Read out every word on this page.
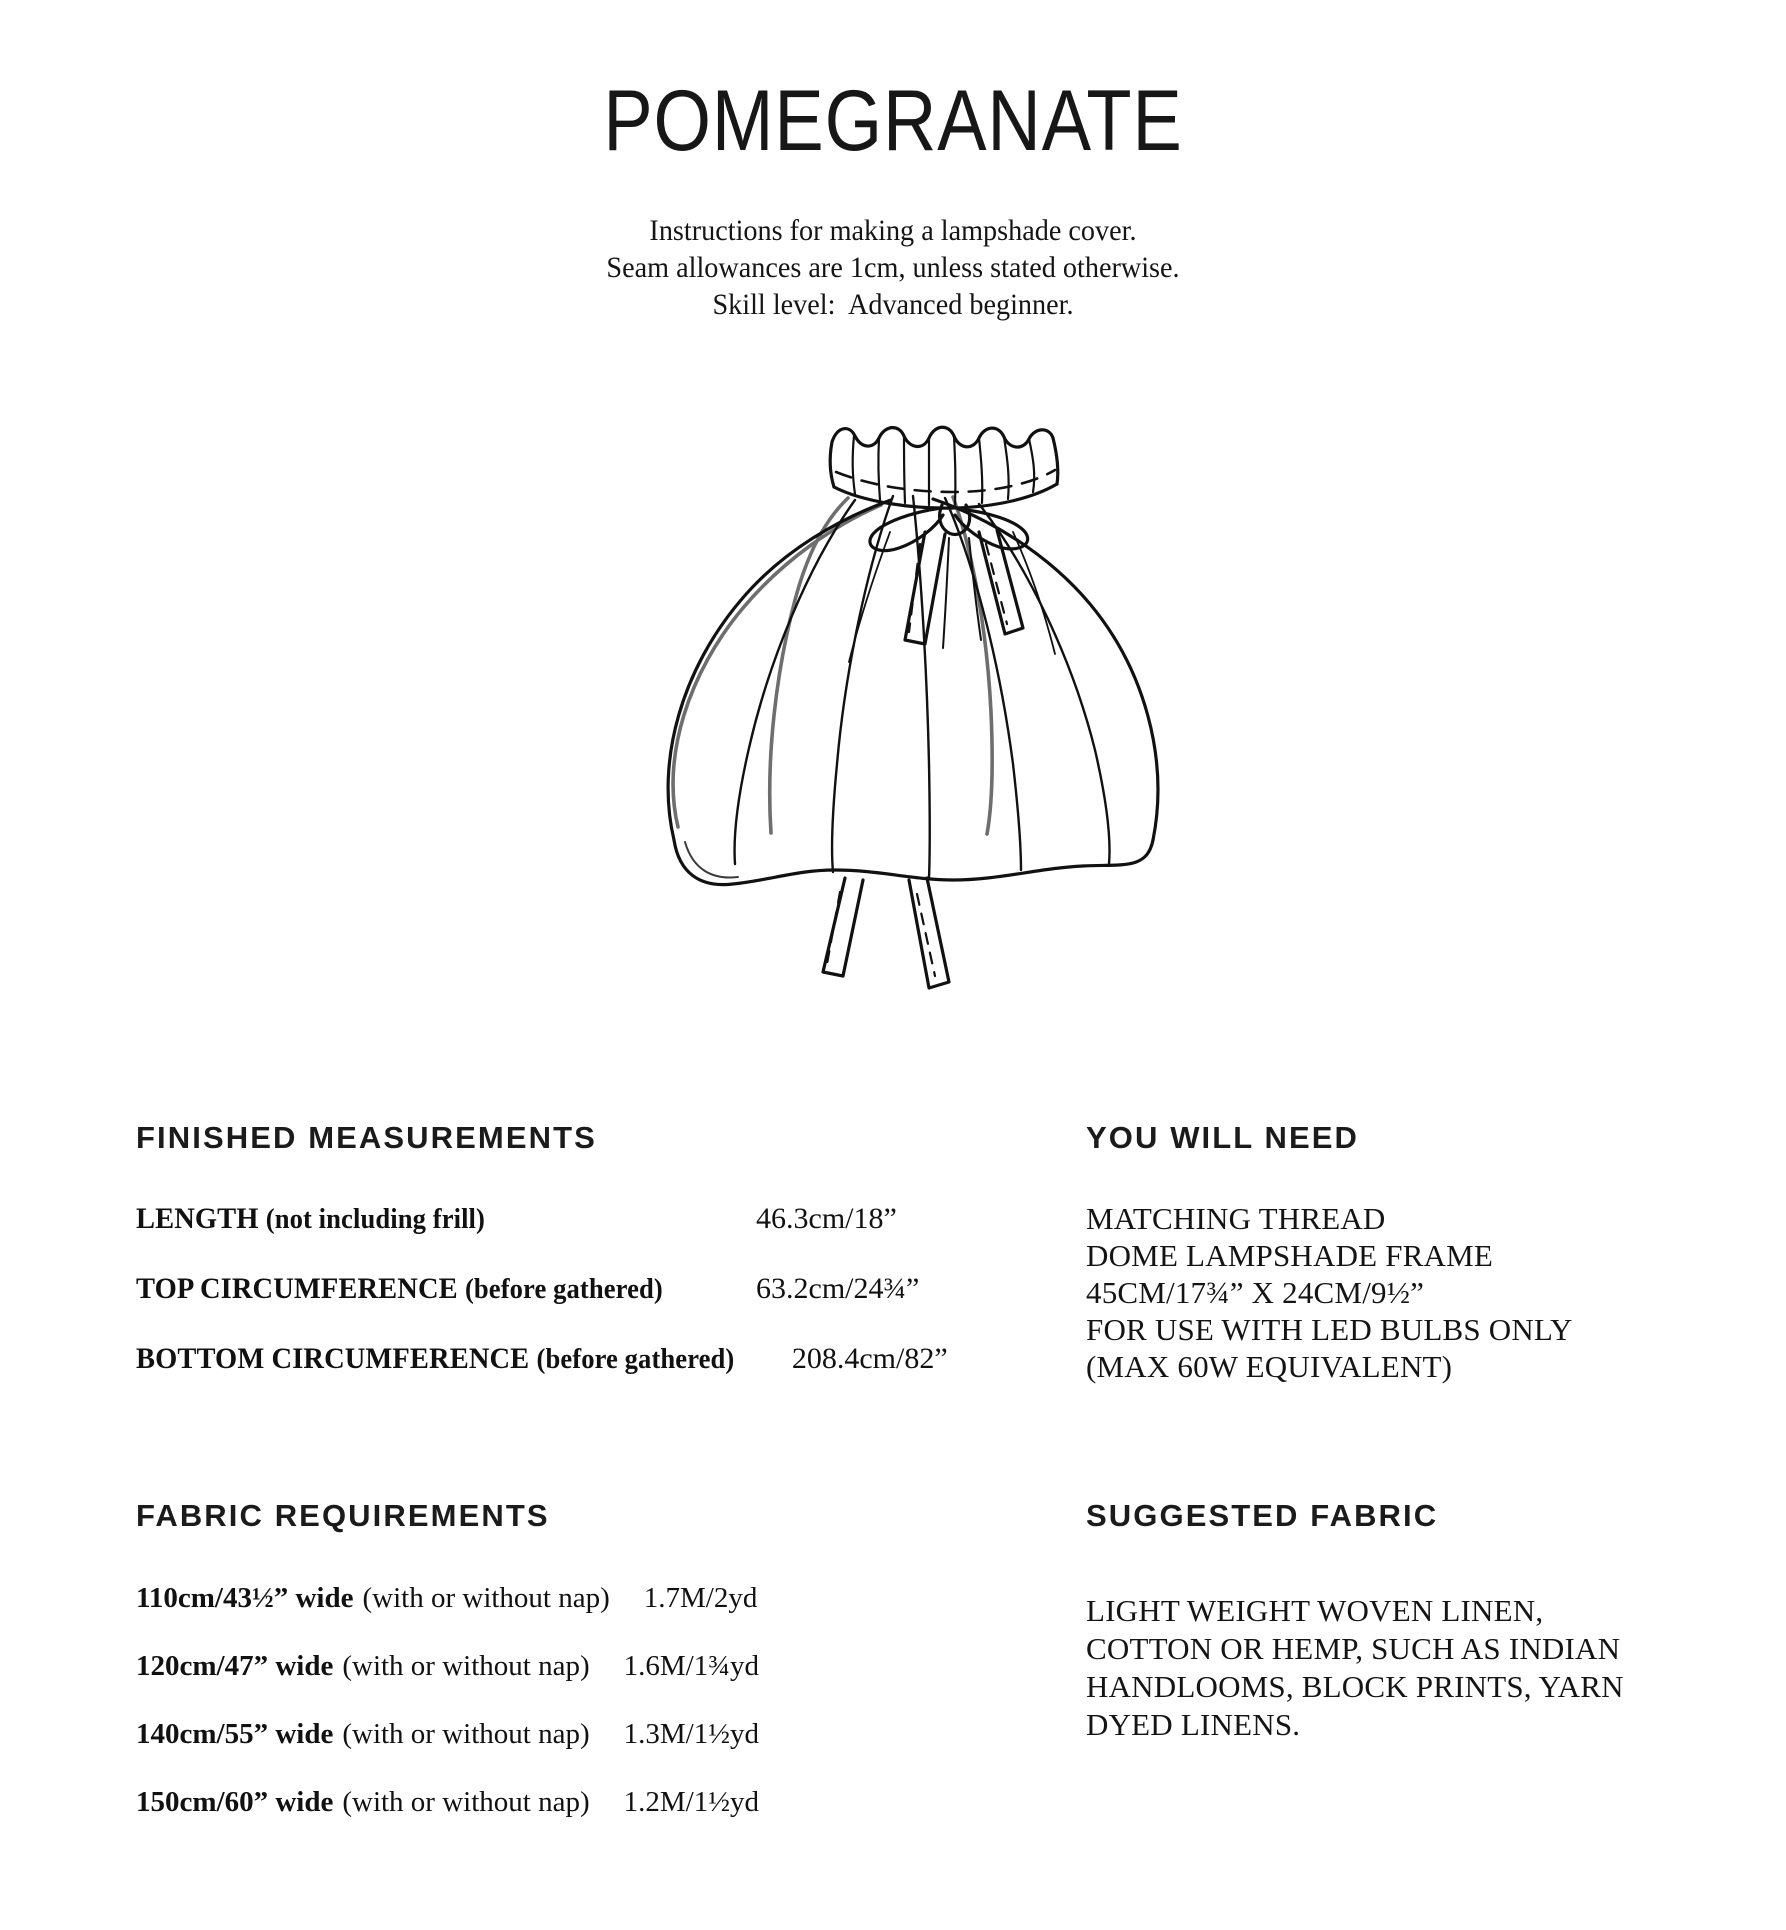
POMEGRANATE
Instructions for making a lampshade cover.
Seam allowances are 1cm, unless stated otherwise.
Skill level:  Advanced beginner.
FINISHED MEASUREMENTS
LENGTH (not including frill)	46.3cm/18”
TOP CIRCUMFERENCE (before gathered)	63.2cm/24¾”
BOTTOM CIRCUMFERENCE (before gathered)	208.4cm/82”
YOU WILL NEED
MATCHING THREAD
DOME LAMPSHADE FRAME
45CM/17¾” X 24CM/9½”
FOR USE WITH LED BULBS ONLY
(MAX 60W EQUIVALENT)
FABRIC REQUIREMENTS
110cm/43½” wide (with or without nap) 1.7M/2yd
120cm/47” wide (with or without nap) 1.6M/1¾yd
140cm/55” wide (with or without nap) 1.3M/1½yd
150cm/60” wide (with or without nap) 1.2M/1½yd
SUGGESTED FABRIC
LIGHT WEIGHT WOVEN LINEN,
COTTON OR HEMP, SUCH AS INDIAN
HANDLOOMS, BLOCK PRINTS, YARN
DYED LINENS.
